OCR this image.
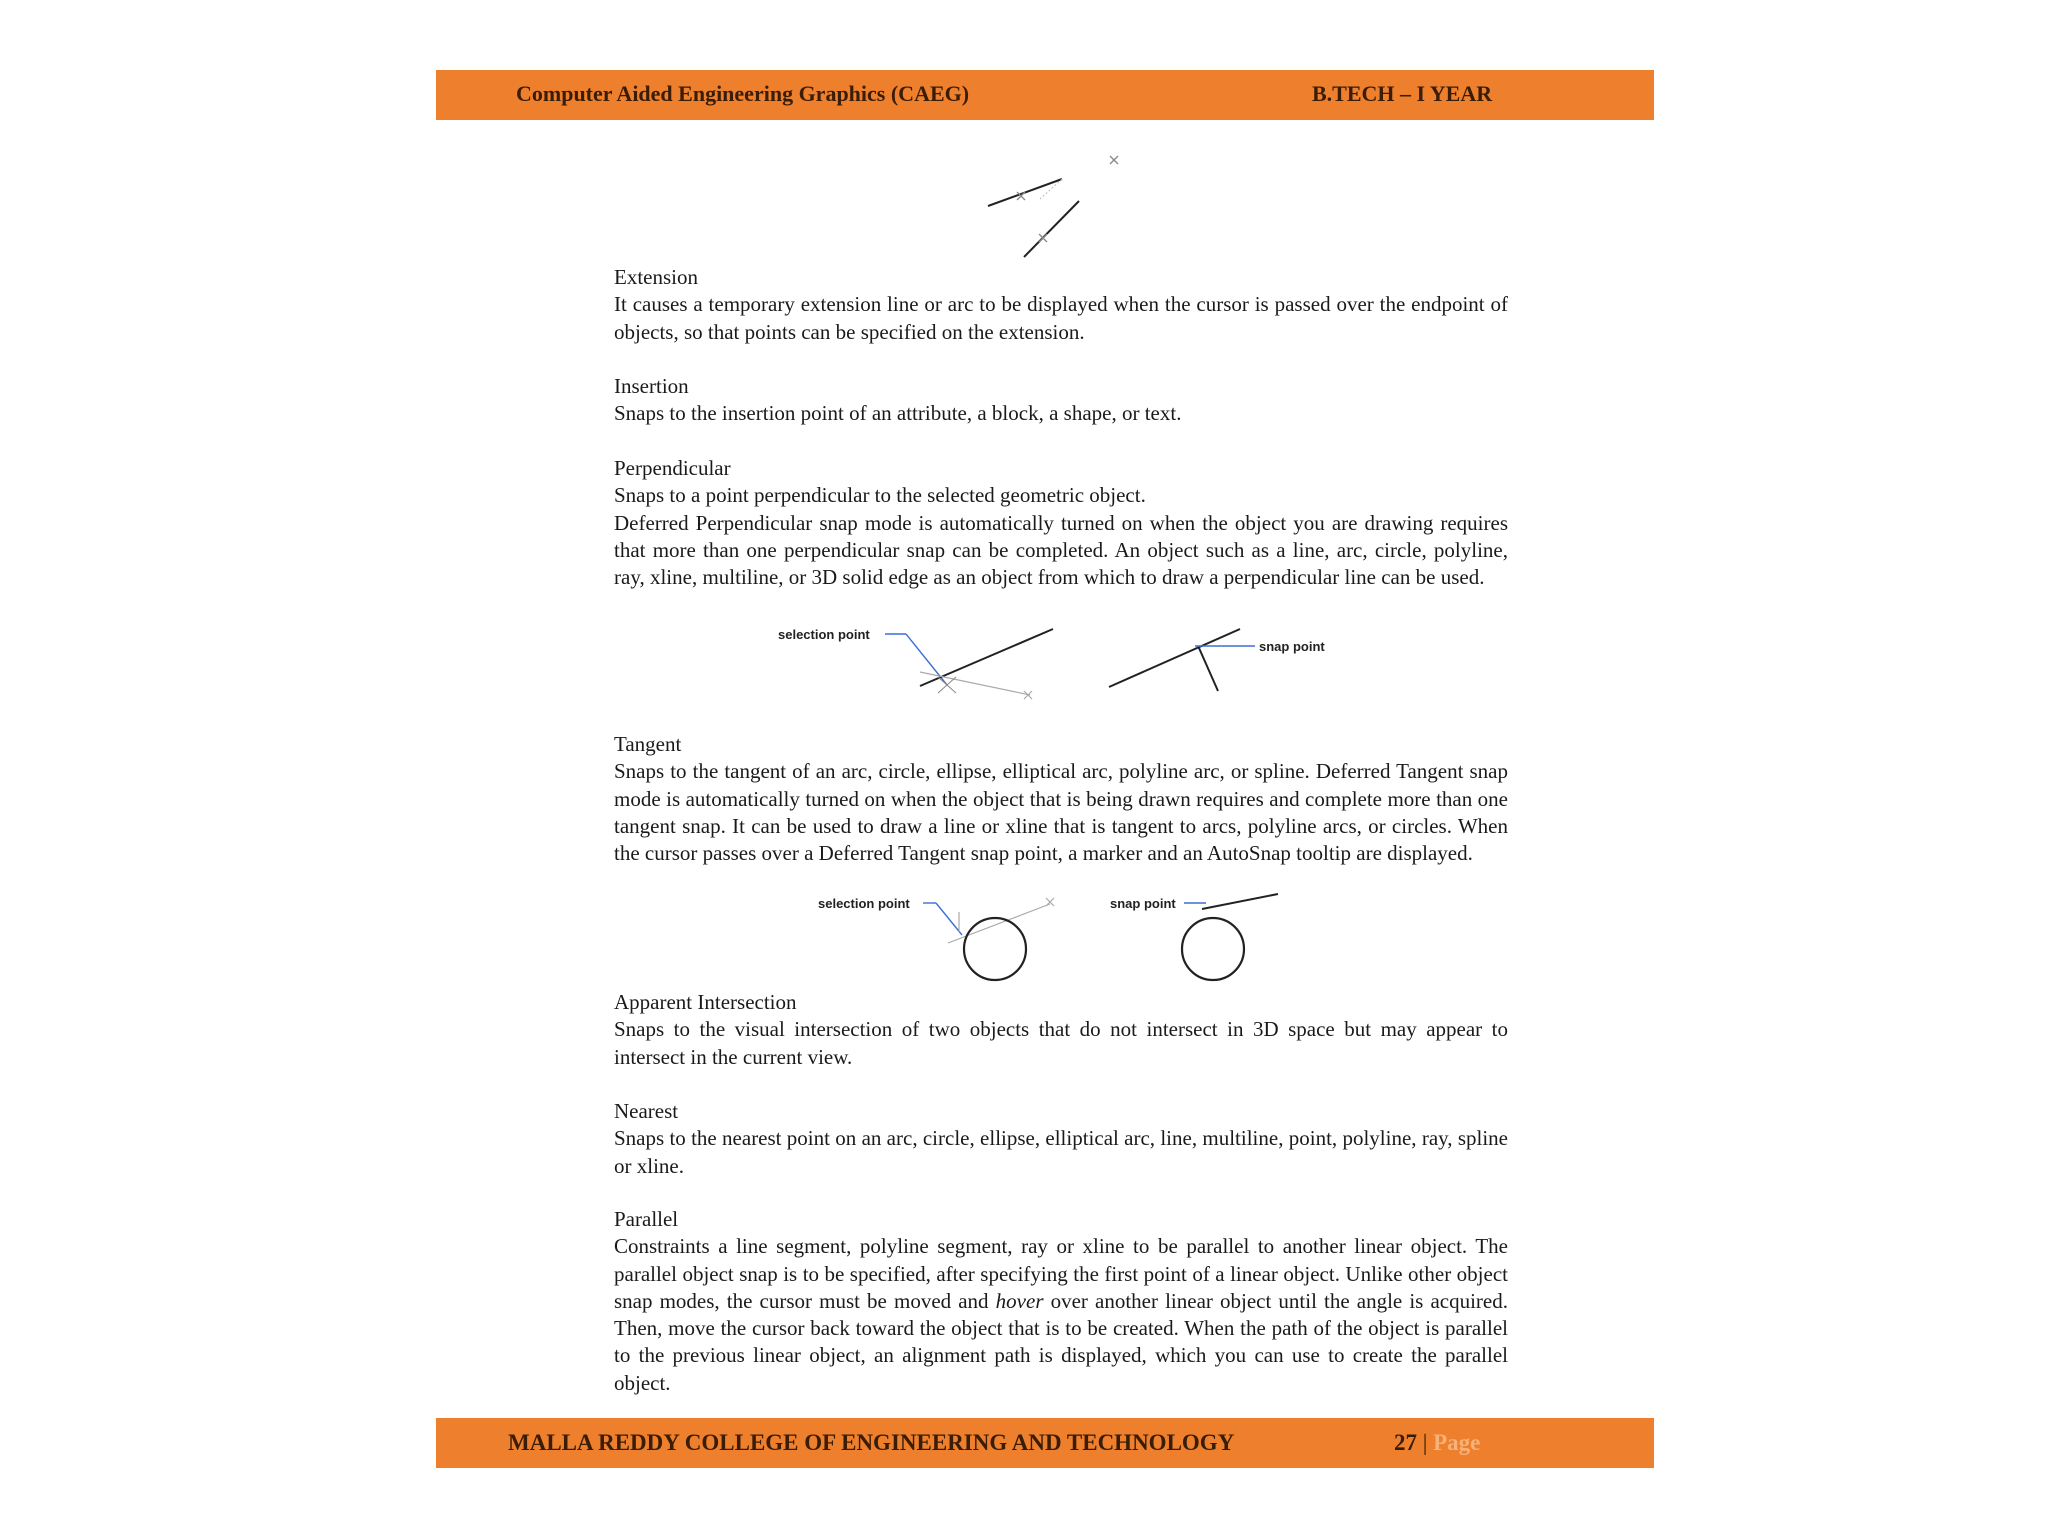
Computer Aided Engineering Graphics (CAEG)	B.TECH – I YEAR
Extension

It causes a temporary extension line or arc to be displayed when the cursor is passed over the endpoint of objects, so that points can be specified on the extension.

Insertion

Snaps to the insertion point of an attribute, a block, a shape, or text.

Perpendicular

Snaps to a point perpendicular to the selected geometric object.

Deferred Perpendicular snap mode is automatically turned on when the object you are drawing requires that more than one perpendicular snap can be completed. An object such as a line, arc, circle, polyline, ray, xline, multiline, or 3D solid edge as an object from which to draw a perpendicular line can be used.

Tangent

Snaps to the tangent of an arc, circle, ellipse, elliptical arc, polyline arc, or spline. Deferred Tangent snap mode is automatically turned on when the object that is being drawn requires and complete more than one tangent snap. It can be used to draw a line or xline that is tangent to arcs, polyline arcs, or circles. When the cursor passes over a Deferred Tangent snap point, a marker and an AutoSnap tooltip are displayed.

Apparent Intersection

Snaps to the visual intersection of two objects that do not intersect in 3D space but may appear to intersect in the current view.

Nearest

Snaps to the nearest point on an arc, circle, ellipse, elliptical arc, line, multiline, point, polyline, ray, spline or xline.

Parallel

Constraints a line segment, polyline segment, ray or xline to be parallel to another linear object. The parallel object snap is to be specified, after specifying the first point of a linear object. Unlike other object snap modes, the cursor must be moved and hover over another linear object until the angle is acquired. Then, move the cursor back toward the object that is to be created. When the path of the object is parallel to the previous linear object, an alignment path is displayed, which you can use to create the parallel object.

selection point
snap point
selection point	snap point
MALLA REDDY COLLEGE OF ENGINEERING AND TECHNOLOGY	27 | Page
